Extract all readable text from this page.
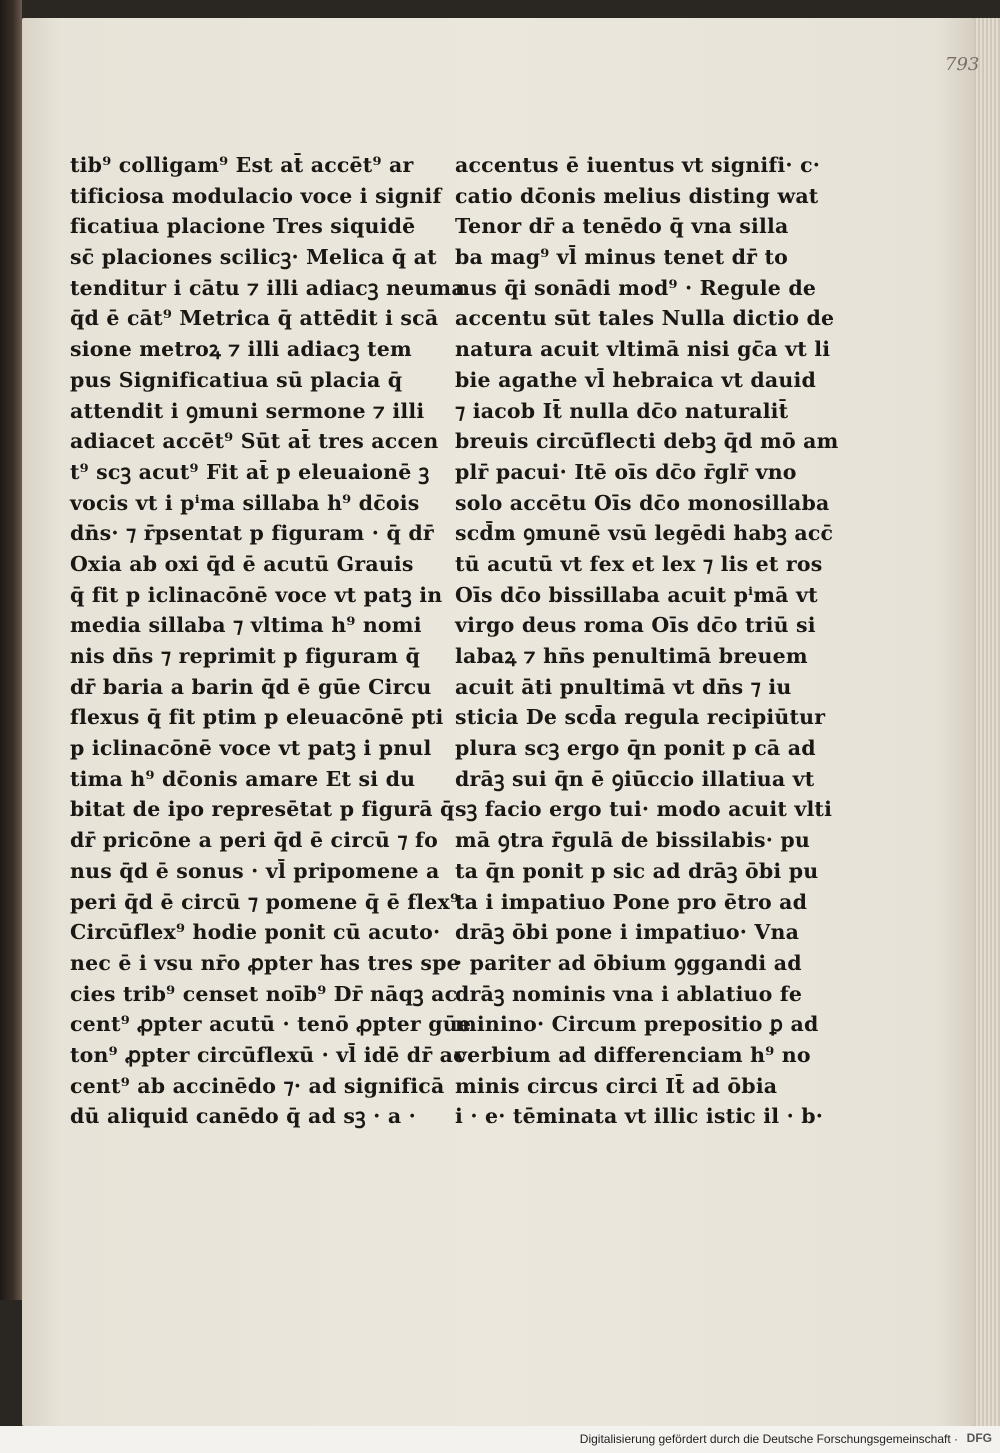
793
tib⁹ colligam⁹ Est at̄ accēt⁹ ar
tificiosa modulacio voce i signif
ficatiua placione Tres siquidē
sc̄ placiones scilicꝫ· Melica q̄ at
tenditur i cātu ⁊ illi adiacꝫ neuma
q̄d ē cāt⁹ Metrica q̄ attēdit i scā
sione metroꝝ ⁊ illi adiacꝫ tem
pus Significatiua sū placia q̄
attendit i ꝯmuni sermone ⁊ illi
adiacet accēt⁹ Sūt at̄ tres accen
t⁹ scꝫ acut⁹ Fit at̄ p eleuaionē ꝫ
vocis vt i pⁱma sillaba h⁹ dc̄ois
dn̄s· ⁊ r̄psentat p figuram · q̄ dr̄
Oxia ab oxi q̄d ē acutū Grauis
q̄ fit p iclinacōnē voce vt patꝫ in
media sillaba ⁊ vltima h⁹ nomi
nis dn̄s ⁊ reprimit p figuram q̄
dr̄ baria a barin q̄d ē gūe Circu
flexus q̄ fit ptim p eleuacōnē pti
p iclinacōnē voce vt patꝫ i pnul
tima h⁹ dc̄onis amare Et si du
bitat de ipo represētat p figurā q̄
dr̄ pricōne a peri q̄d ē circū ⁊ fo
nus q̄d ē sonus · vl̄ pripomene a
peri q̄d ē circū ⁊ pomene q̄ ē flex⁹
Circūflex⁹ hodie ponit cū acuto·
nec ē i vsu nr̄o ꝓpter has tres spe
cies trib⁹ censet noīb⁹ Dr̄ nāqꝫ ac
cent⁹ ꝓpter acutū · tenō ꝓpter gūe
ton⁹ ꝓpter circūflexū · vl̄ idē dr̄ ac
cent⁹ ab accinēdo ⁊· ad significā
dū aliquid canēdo q̄ ad sꝫ · a ·
accentus ē iuentus vt signifi· c·
catio dc̄onis melius disting wat
Tenor dr̄ a tenēdo q̄ vna silla
ba mag⁹ vl̄ minus tenet dr̄ to
nus q̄i sonādi mod⁹ · Regule de
accentu sūt tales Nulla dictio de
natura acuit vltimā nisi gc̄a vt li
bie agathe vl̄ hebraica vt dauid
⁊ iacob It̄ nulla dc̄o naturalit̄
breuis circūflecti debꝫ q̄d mō am
plr̄ pacui· Itē oīs dc̄o r̄glr̄ vno
solo accētu Oīs dc̄o monosillaba
scd̄m ꝯmunē vsū legēdi habꝫ acc̄
tū acutū vt fex et lex ⁊ lis et ros
Oīs dc̄o bissillaba acuit pⁱmā vt
virgo deus roma Oīs dc̄o triū si
labaꝝ ⁊ hn̄s penultimā breuem
acuit āti pnultimā vt dn̄s ⁊ iu
sticia De scd̄a regula recipiūtur
plura scꝫ ergo q̄n ponit p cā ad
drāꝫ sui q̄n ē ꝯiūccio illatiua vt
sꝫ facio ergo tui· modo acuit vlti
mā ꝯtra r̄gulā de bissilabis· pu
ta q̄n ponit p sic ad drāꝫ ōbi pu
ta i impatiuo Pone pro ētro ad
drāꝫ ōbi pone i impatiuo· Vna
· pariter ad ōbium ꝯggandi ad
drāꝫ nominis vna i ablatiuo fe
minino· Circum prepositio ꝑ ad
verbium ad differenciam h⁹ no
minis circus circi It̄ ad ōbia
i · e· tēminata vt illic istic il · b·
Digitalisierung gefördert durch die Deutsche Forschungsgemeinschaft · DFG
